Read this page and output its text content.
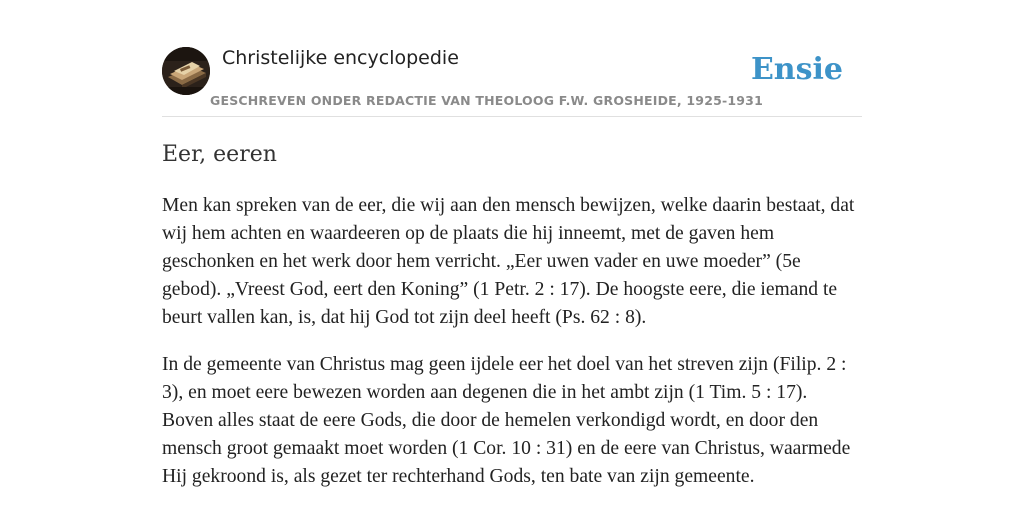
Christelijke encyclopedie
GESCHREVEN ONDER REDACTIE VAN THEOLOOG F.W. GROSHEIDE, 1925-1931
Ensie
Eer, eeren

Men kan spreken van de eer, die wij aan den mensch bewijzen, welke daarin bestaat, dat wij hem achten en waardeeren op de plaats die hij inneemt, met de gaven hem geschonken en het werk door hem verricht. „Eer uwen vader en uwe moeder” (5e gebod). „Vreest God, eert den Koning” (1 Petr. 2 : 17). De hoogste eere, die iemand te beurt vallen kan, is, dat hij God tot zijn deel heeft (Ps. 62 : 8).

In de gemeente van Christus mag geen ijdele eer het doel van het streven zijn (Filip. 2 : 3), en moet eere bewezen worden aan degenen die in het ambt zijn (1 Tim. 5 : 17). Boven alles staat de eere Gods, die door de hemelen verkondigd wordt, en door den mensch groot gemaakt moet worden (1 Cor. 10 : 31) en de eere van Christus, waarmede Hij gekroond is, als gezet ter rechterhand Gods, ten bate van zijn gemeente.
